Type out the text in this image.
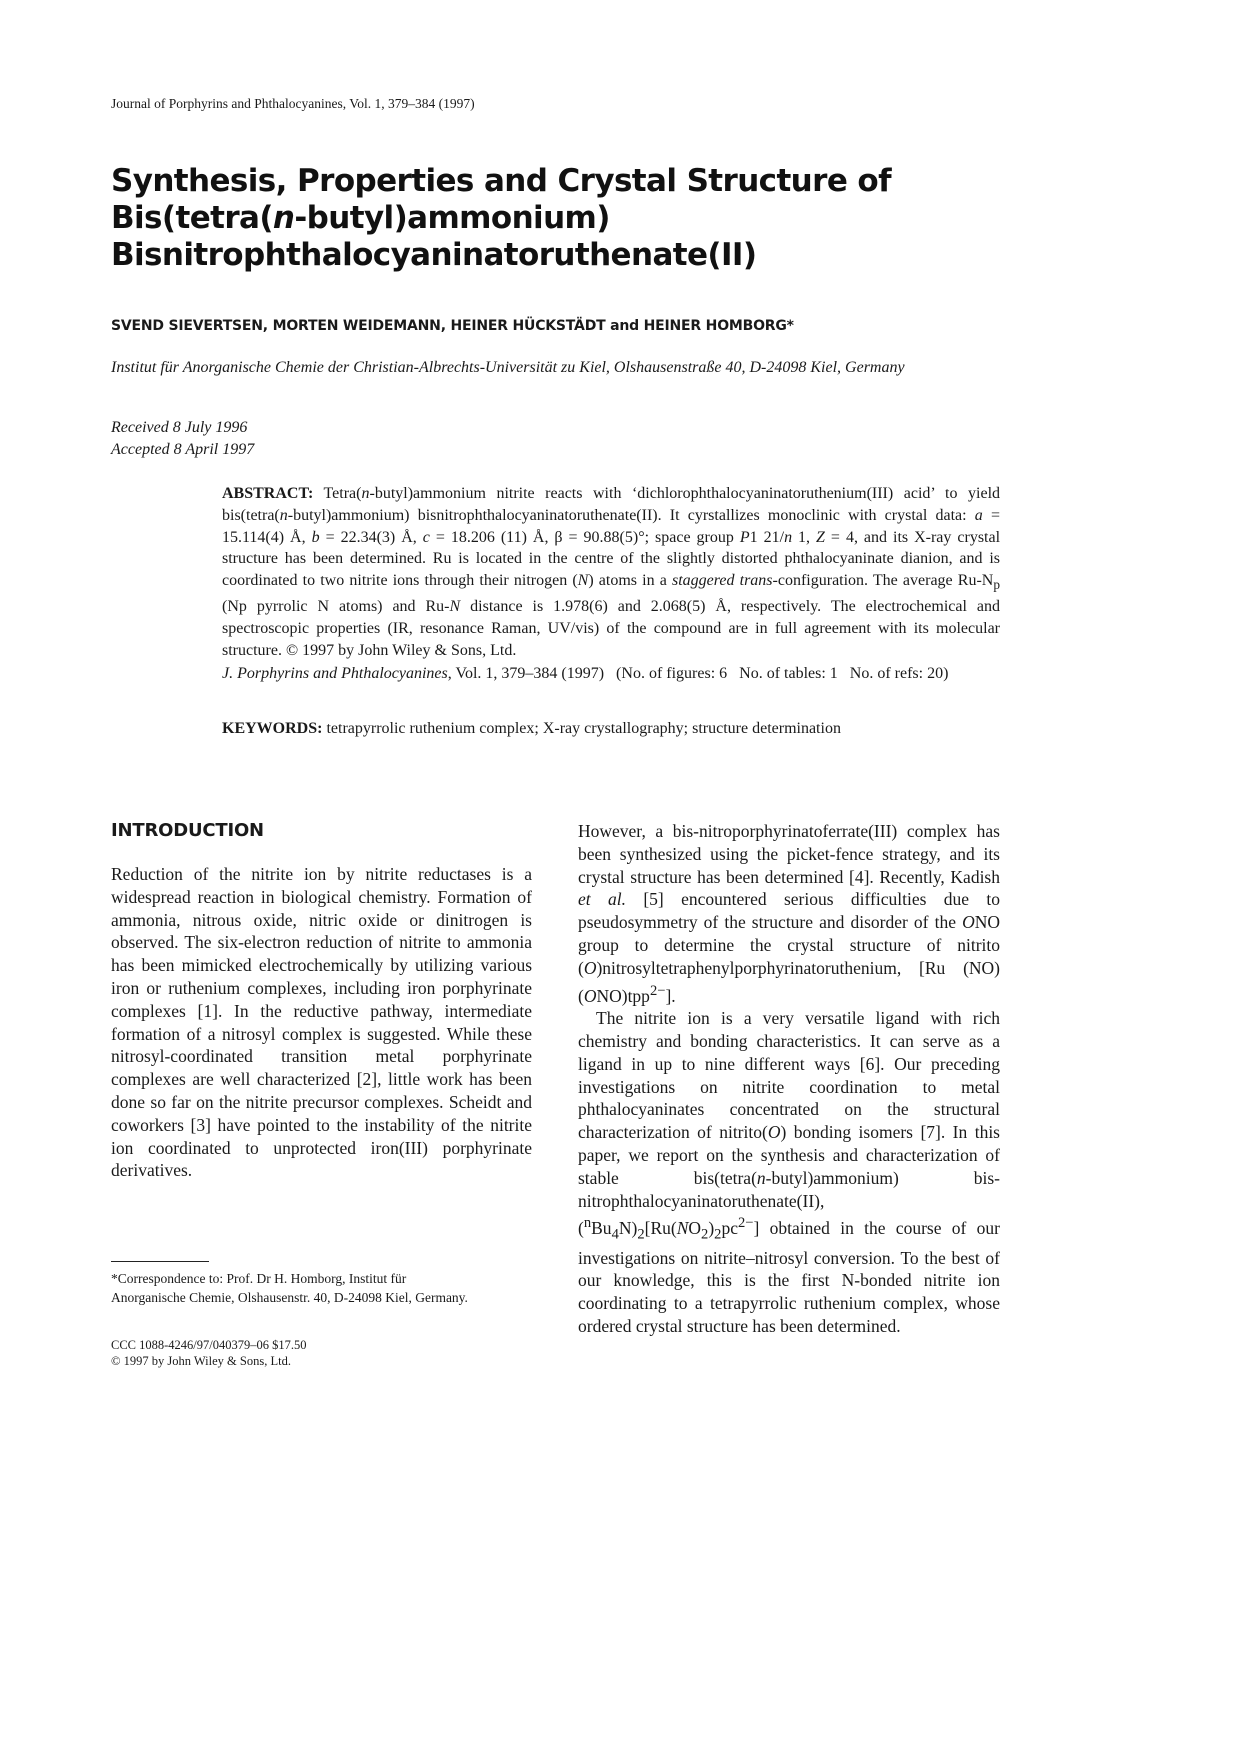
Journal of Porphyrins and Phthalocyanines, Vol. 1, 379–384 (1997)
Synthesis, Properties and Crystal Structure of
Bis(tetra(n-butyl)ammonium)
Bisnitrophthalocyaninatoruthenate(II)
SVEND SIEVERTSEN, MORTEN WEIDEMANN, HEINER HÜCKSTÄDT and HEINER HOMBORG*
Institut für Anorganische Chemie der Christian-Albrechts-Universität zu Kiel, Olshausenstraße 40, D-24098 Kiel, Germany
Received 8 July 1996
Accepted 8 April 1997

ABSTRACT: Tetra(n-butyl)ammonium nitrite reacts with ‘dichlorophthalocyaninatoruthenium(III) acid’ to yield bis(tetra(n-butyl)ammonium) bisnitrophthalocyaninatoruthenate(II). It cyrstallizes monoclinic with crystal data: a = 15.114(4) Å, b = 22.34(3) Å, c = 18.206 (11) Å, β = 90.88(5)°; space group P1 21/n 1, Z = 4, and its X-ray crystal structure has been determined. Ru is located in the centre of the slightly distorted phthalocyaninate dianion, and is coordinated to two nitrite ions through their nitrogen (N) atoms in a staggered trans-configuration. The average $Ru-N_p$ (Np pyrrolic N atoms) and Ru-N distance is 1.978(6) and 2.068(5) Å, respectively. The electrochemical and spectroscopic properties (IR, resonance Raman, UV/vis) of the compound are in full agreement with its molecular structure. © 1997 by John Wiley & Sons, Ltd.

J. Porphyrins and Phthalocyanines, Vol. 1, 379–384 (1997)   (No. of figures: 6   No. of tables: 1   No. of refs: 20)

KEYWORDS: tetrapyrrolic ruthenium complex; X-ray crystallography; structure determination

INTRODUCTION

Reduction of the nitrite ion by nitrite reductases is a widespread reaction in biological chemistry. Formation of ammonia, nitrous oxide, nitric oxide or dinitrogen is observed. The six-electron reduction of nitrite to ammonia has been mimicked electrochemically by utilizing various iron or ruthenium complexes, including iron porphyrinate complexes [1]. In the reductive pathway, intermediate formation of a nitrosyl complex is suggested. While these nitrosyl-coordinated transition metal porphyrinate complexes are well characterized [2], little work has been done so far on the nitrite precursor complexes. Scheidt and coworkers [3] have pointed to the instability of the nitrite ion coordinated to unprotected iron(III) porphyrinate derivatives.

However, a bis-nitroporphyrinatoferrate(III) complex has been synthesized using the picket-fence strategy, and its crystal structure has been determined [4]. Recently, Kadish et al. [5] encountered serious difficulties due to pseudosymmetry of the structure and disorder of the ONO group to determine the crystal structure of nitrito (O)nitrosyltetraphenylporphyrinatoruthenium, [Ru (NO)(ONO)tpp$^{2-}$].

The nitrite ion is a very versatile ligand with rich chemistry and bonding characteristics. It can serve as a ligand in up to nine different ways [6]. Our preceding investigations on nitrite coordination to metal phthalocyaninates concentrated on the structural characterization of nitrito(O) bonding isomers [7]. In this paper, we report on the synthesis and characterization of stable bis(tetra(n-butyl)ammonium) bis-nitrophthalocyaninatoruthenate(II), $(^nBu_4N)_2[Ru(NO_2)_2pc^{2-}]$ obtained in the course of our investigations on nitrite–nitrosyl conversion. To the best of our knowledge, this is the first N-bonded nitrite ion coordinating to a tetrapyrrolic ruthenium complex, whose ordered crystal structure has been determined.

*Correspondence to: Prof. Dr H. Homborg, Institut für Anorganische Chemie, Olshausenstr. 40, D-24098 Kiel, Germany.

CCC 1088-4246/97/040379–06 $17.50
© 1997 by John Wiley & Sons, Ltd.
